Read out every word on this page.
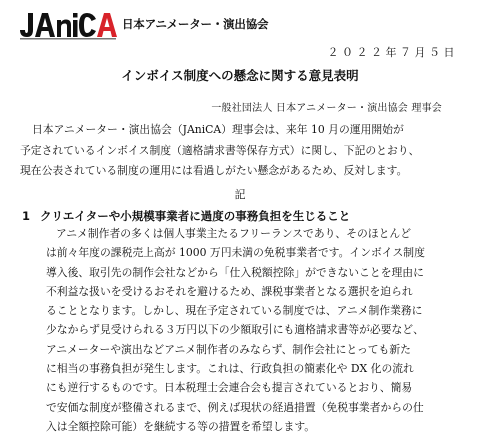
日本アニメーター・演出協会
２０２２年７月５日
インボイス制度への懸念に関する意見表明
一般社団法人 日本アニメーター・演出協会 理事会
日本アニメーター・演出協会（JAniCA）理事会は、来年 10 月の運用開始が
予定されているインボイス制度（適格請求書等保存方式）に関し、下記のとおり、
現在公表されている制度の運用には看過しがたい懸念があるため、反対します。
記
1 クリエイターや小規模事業者に過度の事務負担を生じること
アニメ制作者の多くは個人事業主たるフリーランスであり、そのほとんど
は前々年度の課税売上高が 1000 万円未満の免税事業者です。インボイス制度
導入後、取引先の制作会社などから「仕入税額控除」ができないことを理由に
不利益な扱いを受けるおそれを避けるため、課税事業者となる選択を迫られ
ることとなります。しかし、現在予定されている制度では、アニメ制作業務に
少なからず見受けられる３万円以下の少額取引にも適格請求書等が必要など、
アニメーターや演出などアニメ制作者のみならず、制作会社にとっても新た
に相当の事務負担が発生します。これは、行政負担の簡素化や DX 化の流れ
にも逆行するものです。日本税理士会連合会も提言されているとおり、簡易
で安価な制度が整備されるまで、例えば現状の経過措置（免税事業者からの仕
入は全額控除可能）を継続する等の措置を希望します。
